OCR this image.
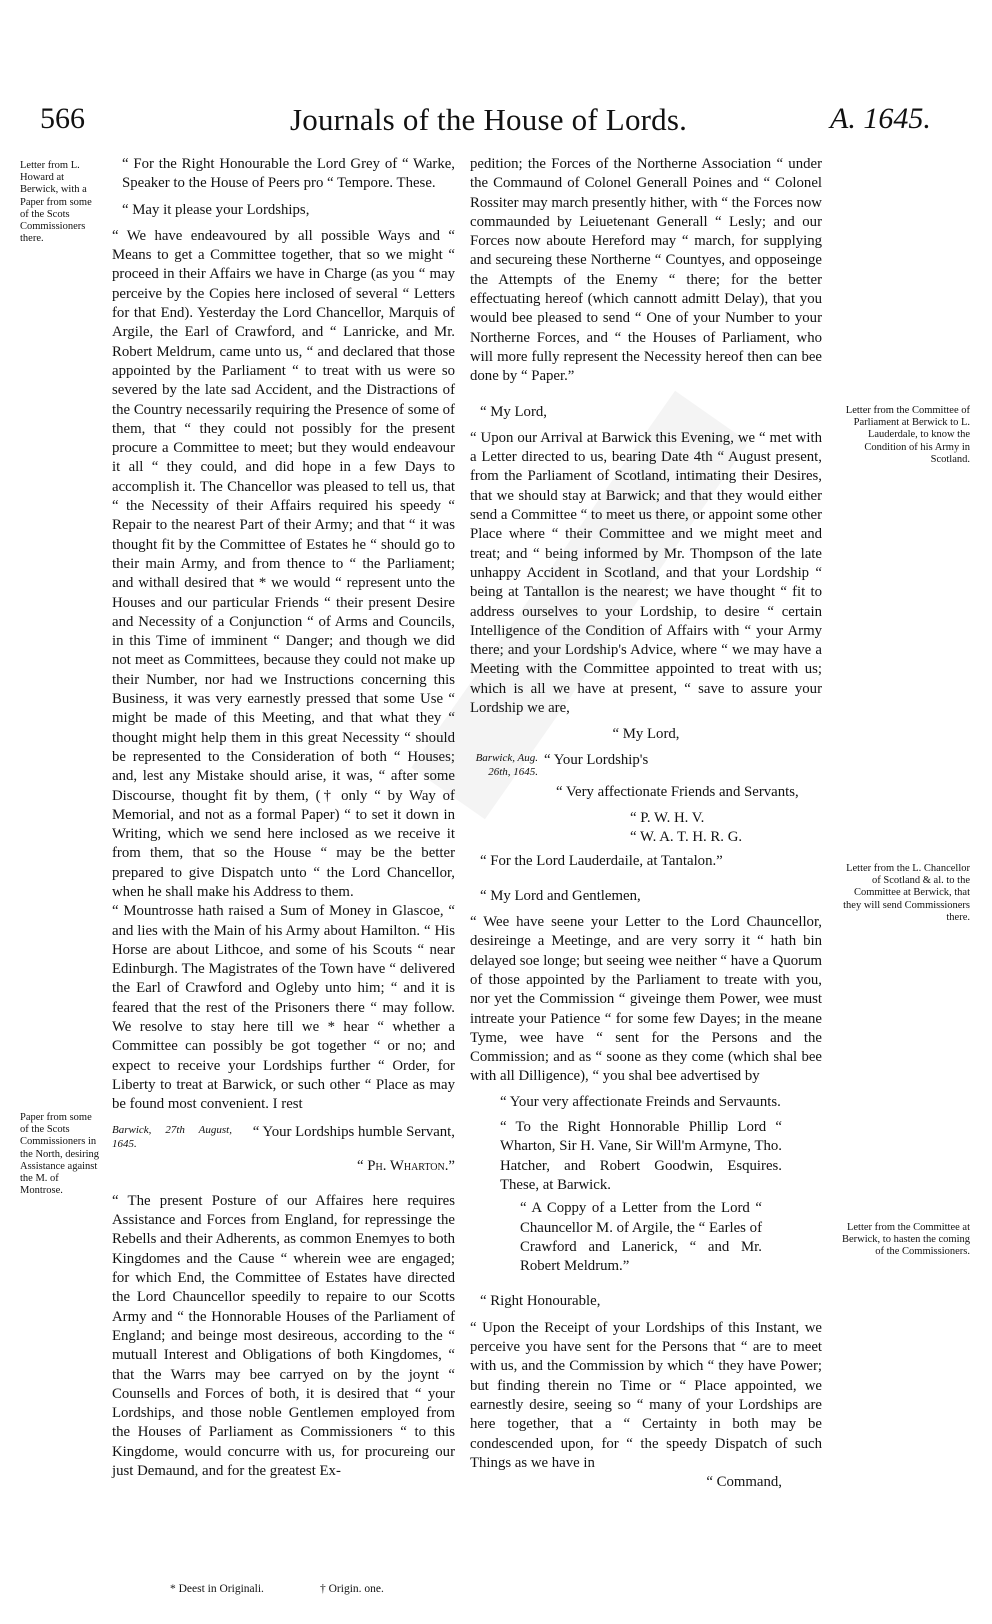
566	Journals of the House of Lords.	A. 1645.
Letter from L. Howard at Berwick, with a Paper from some of the Scots Commissioners there.
Paper from some of the Scots Commissioners in the North, desiring Assistance against the M. of Montrose.

“ For the Right Honourable the Lord Grey of “ Warke, Speaker to the House of Peers pro “ Tempore. These.

“ May it please your Lordships,

“ We have endeavoured by all possible Ways and “ Means to get a Committee together, that so we might “ proceed in their Affairs we have in Charge (as you “ may perceive by the Copies here inclosed of several “ Letters for that End). Yesterday the Lord Chancellor, Marquis of Argile, the Earl of Crawford, and “ Lanricke, and Mr. Robert Meldrum, came unto us, “ and declared that those appointed by the Parliament “ to treat with us were so severed by the late sad Accident, and the Distractions of the Country necessarily requiring the Presence of some of them, that “ they could not possibly for the present procure a Committee to meet; but they would endeavour it all “ they could, and did hope in a few Days to accomplish it. The Chancellor was pleased to tell us, that “ the Necessity of their Affairs required his speedy “ Repair to the nearest Part of their Army; and that “ it was thought fit by the Committee of Estates he “ should go to their main Army, and from thence to “ the Parliament; and withall desired that * we would “ represent unto the Houses and our particular Friends “ their present Desire and Necessity of a Conjunction “ of Arms and Councils, in this Time of imminent “ Danger; and though we did not meet as Committees, because they could not make up their Number, nor had we Instructions concerning this Business, it was very earnestly pressed that some Use “ might be made of this Meeting, and that what they “ thought might help them in this great Necessity “ should be represented to the Consideration of both “ Houses; and, lest any Mistake should arise, it was, “ after some Discourse, thought fit by them, († only “ by Way of Memorial, and not as a formal Paper) “ to set it down in Writing, which we send here inclosed as we receive it from them, that so the House “ may be the better prepared to give Dispatch unto “ the Lord Chancellor, when he shall make his Address to them.

“ Mountrosse hath raised a Sum of Money in Glascoe, “ and lies with the Main of his Army about Hamilton. “ His Horse are about Lithcoe, and some of his Scouts “ near Edinburgh. The Magistrates of the Town have “ delivered the Earl of Crawford and Ogleby unto him; “ and it is feared that the rest of the Prisoners there “ may follow. We resolve to stay here till we * hear “ whether a Committee can possibly be got together “ or no; and expect to receive your Lordships further “ Order, for Liberty to treat at Barwick, or such other “ Place as may be found most convenient. I rest

Barwick, 27th August, 1645.
“ Your Lordships humble Servant,

“ Ph. Wharton.”

“ The present Posture of our Affaires here requires Assistance and Forces from England, for repressinge the Rebells and their Adherents, as common Enemyes to both Kingdomes and the Cause “ wherein wee are engaged; for which End, the Committee of Estates have directed the Lord Chauncellor speedily to repaire to our Scotts Army and “ the Honnorable Houses of the Parliament of England; and beinge most desireous, according to the “ mutuall Interest and Obligations of both Kingdomes, “ that the Warrs may bee carryed on by the joynt “ Counsells and Forces of both, it is desired that “ your Lordships, and those noble Gentlemen employed from the Houses of Parliament as Commissioners “ to this Kingdome, would concurre with us, for procureing our just Demaund, and for the greatest Ex-

* Deest in Originali.	† Origin. one.

pedition; the Forces of the Northerne Association “ under the Commaund of Colonel Generall Poines and “ Colonel Rossiter may march presently hither, with “ the Forces now commaunded by Leiuetenant Generall “ Lesly; and our Forces now aboute Hereford may “ march, for supplying and secureing these Northerne “ Countyes, and opposeinge the Attempts of the Enemy “ there; for the better effectuating hereof (which cannott admitt Delay), that you would bee pleased to send “ One of your Number to your Northerne Forces, and “ the Houses of Parliament, who will more fully represent the Necessity hereof then can bee done by “ Paper.”

“ My Lord,

“ Upon our Arrival at Barwick this Evening, we “ met with a Letter directed to us, bearing Date 4th “ August present, from the Parliament of Scotland, intimating their Desires, that we should stay at Barwick; and that they would either send a Committee “ to meet us there, or appoint some other Place where “ their Committee and we might meet and treat; and “ being informed by Mr. Thompson of the late unhappy Accident in Scotland, and that your Lordship “ being at Tantallon is the nearest; we have thought “ fit to address ourselves to your Lordship, to desire “ certain Intelligence of the Condition of Affairs with “ your Army there; and your Lordship's Advice, where “ we may have a Meeting with the Committee appointed to treat with us; which is all we have at present, “ save to assure your Lordship we are,

“ My Lord,

Barwick, Aug. 26th, 1645.
“ Your Lordship's

“ Very affectionate Friends and Servants,

“ P. W. H. V.

“ W. A. T. H. R. G.

“ For the Lord Lauderdaile, at Tantalon.”

“ My Lord and Gentlemen,

“ Wee have seene your Letter to the Lord Chauncellor, desireinge a Meetinge, and are very sorry it “ hath bin delayed soe longe; but seeing wee neither “ have a Quorum of those appointed by the Parliament to treate with you, nor yet the Commission “ giveinge them Power, wee must intreate your Patience “ for some few Dayes; in the meane Tyme, wee have “ sent for the Persons and the Commission; and as “ soone as they come (which shal bee with all Dilligence), “ you shal bee advertised by

“ Your very affectionate Freinds and Servaunts.

“ To the Right Honnorable Phillip Lord “ Wharton, Sir H. Vane, Sir Will'm Armyne, Tho. Hatcher, and Robert Goodwin, Esquires. These, at Barwick.

“ A Coppy of a Letter from the Lord “ Chauncellor M. of Argile, the “ Earles of Crawford and Lanerick, “ and Mr. Robert Meldrum.”

“ Right Honourable,

“ Upon the Receipt of your Lordships of this Instant, we perceive you have sent for the Persons that “ are to meet with us, and the Commission by which “ they have Power; but finding therein no Time or “ Place appointed, we earnestly desire, seeing so “ many of your Lordships are here together, that a “ Certainty in both may be condescended upon, for “ the speedy Dispatch of such Things as we have in

“ Command,

Letter from the Committee of Parliament at Berwick to L. Lauderdale, to know the Condition of his Army in Scotland.
Letter from the L. Chancellor of Scotland & al. to the Committee at Berwick, that they will send Commissioners there.
Letter from the Committee at Berwick, to hasten the coming of the Commissioners.
